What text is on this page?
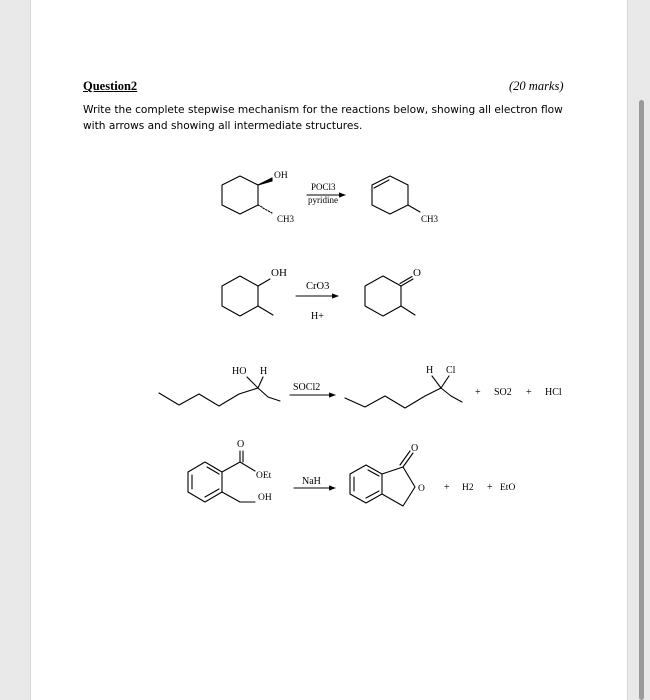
Question2	(20 marks)
Write the complete stepwise mechanism for the reactions below, showing all electron flow
with arrows and showing all intermediate structures.
OH
CH3
POCl3
pyridine
CH3
OH
CrO3
H+
O
HO H
SOCl2
H Cl
+ SO2 + HCl
O
OEt
OH
NaH
O
O + H2 + EtO
